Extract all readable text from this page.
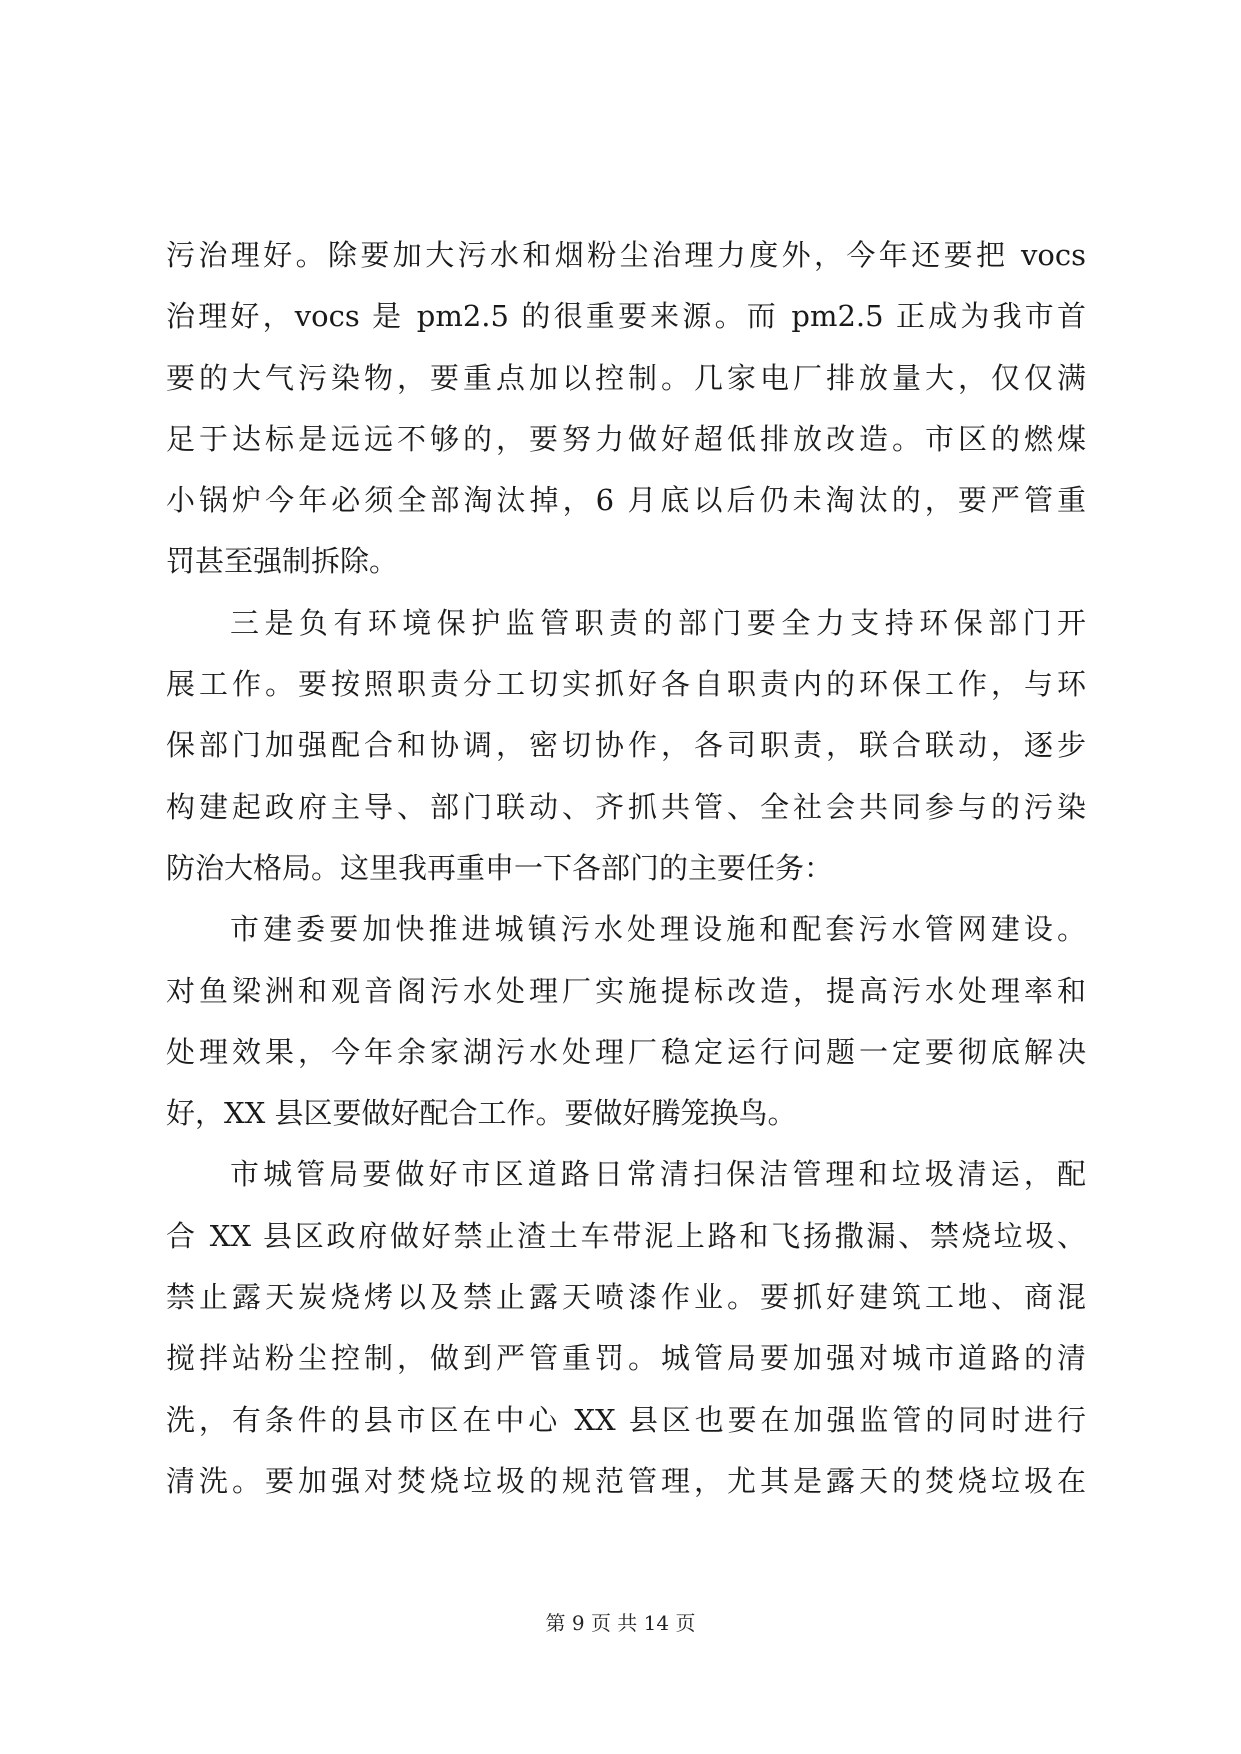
污治理好。除要加大污水和烟粉尘治理力度外，今年还要把 vocs
治理好，vocs 是 pm2.5 的很重要来源。而 pm2.5 正成为我市首
要的大气污染物，要重点加以控制。几家电厂排放量大，仅仅满
足于达标是远远不够的，要努力做好超低排放改造。市区的燃煤
小锅炉今年必须全部淘汰掉，6 月底以后仍未淘汰的，要严管重
罚甚至强制拆除。
三是负有环境保护监管职责的部门要全力支持环保部门开
展工作。要按照职责分工切实抓好各自职责内的环保工作，与环
保部门加强配合和协调，密切协作，各司职责，联合联动，逐步
构建起政府主导、部门联动、齐抓共管、全社会共同参与的污染
防治大格局。这里我再重申一下各部门的主要任务：
市建委要加快推进城镇污水处理设施和配套污水管网建设。
对鱼梁洲和观音阁污水处理厂实施提标改造，提高污水处理率和
处理效果，今年余家湖污水处理厂稳定运行问题一定要彻底解决
好，XX 县区要做好配合工作。要做好腾笼换鸟。
市城管局要做好市区道路日常清扫保洁管理和垃圾清运，配
合 XX 县区政府做好禁止渣土车带泥上路和飞扬撒漏、禁烧垃圾、
禁止露天炭烧烤以及禁止露天喷漆作业。要抓好建筑工地、商混
搅拌站粉尘控制，做到严管重罚。城管局要加强对城市道路的清
洗，有条件的县市区在中心 XX 县区也要在加强监管的同时进行
清洗。要加强对焚烧垃圾的规范管理，尤其是露天的焚烧垃圾在
第 9 页 共 14 页
